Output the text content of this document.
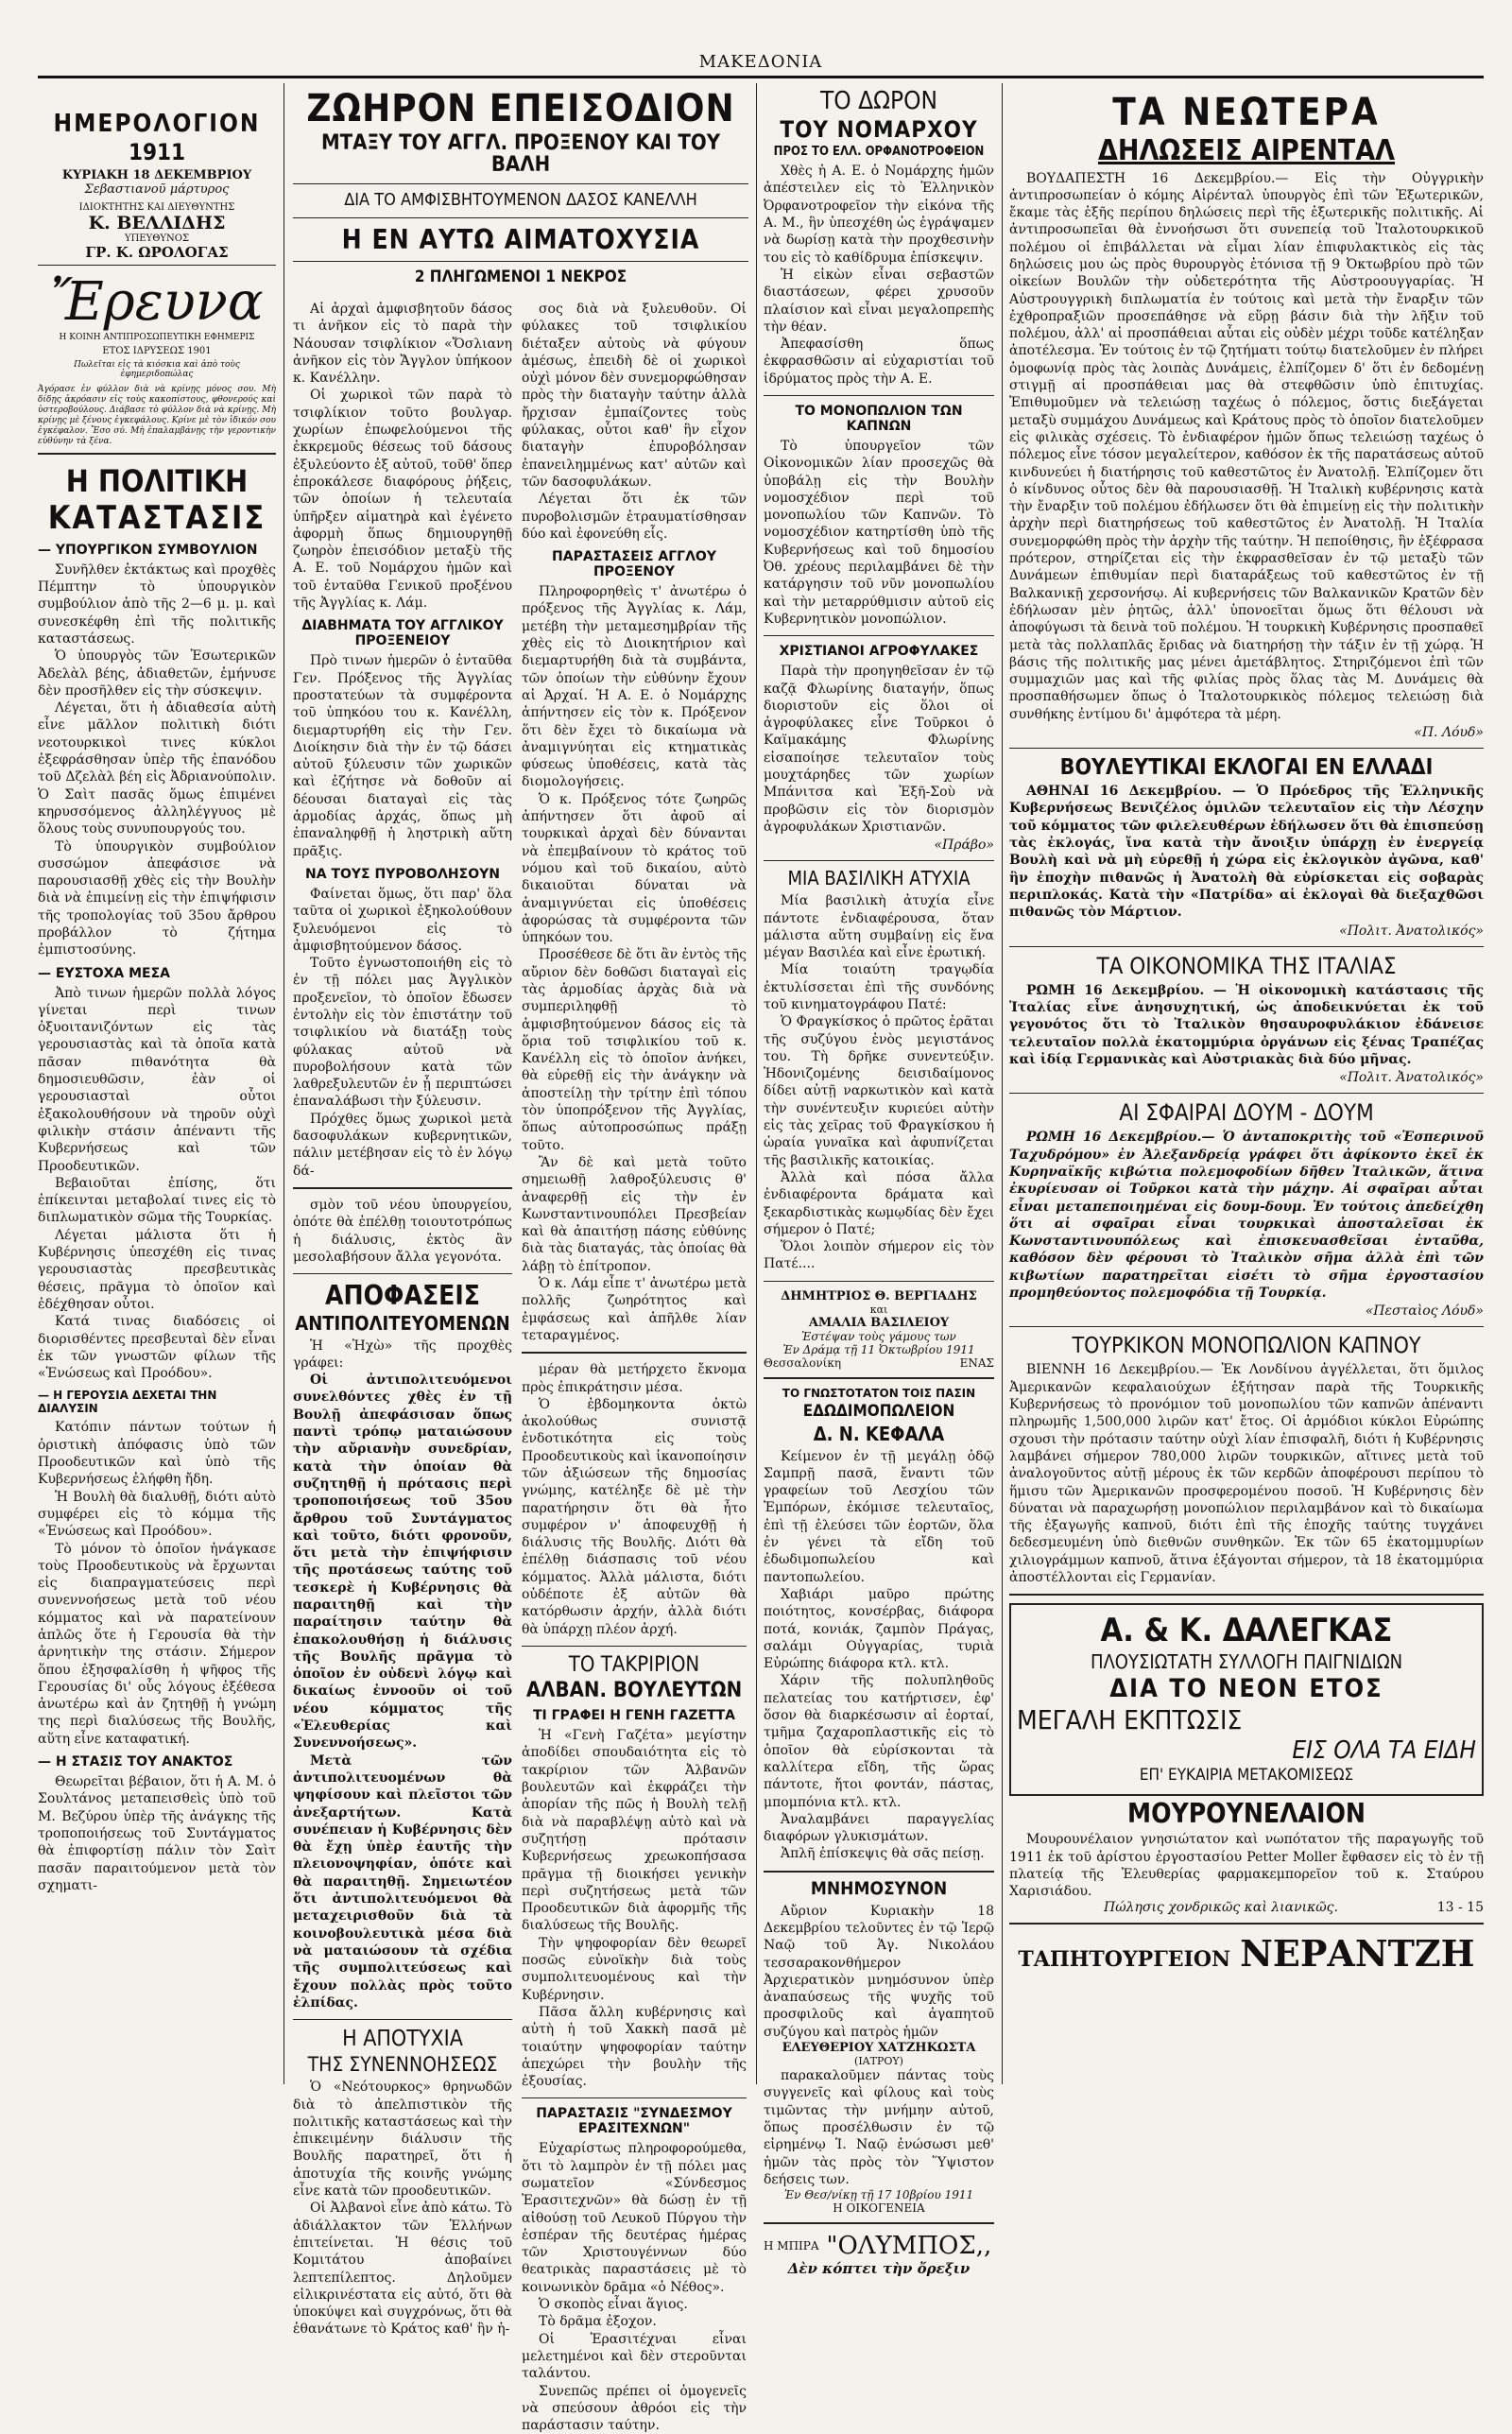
ΜΑΚΕΔΟΝΙΑ
ΗΜΕΡΟΛΟΓΙΟΝ
1911
ΚΥΡΙΑΚΗ 18 ΔΕΚΕΜΒΡΙΟΥ
Σεβαστιανοῦ μάρτυρος
ΙΔΙΟΚΤΗΤΗΣ ΚΑΙ ΔΙΕΥΘΥΝΤΗΣ
Κ. ΒΕΛΛΙΔΗΣ
ΥΠΕΥΘΥΝΟΣ
ΓΡ. Κ. ΩΡΟΛΟΓΑΣ
Ἔρευνα
Η ΚΟΙΝΗ ΑΝΤΙΠΡΟΣΩΠΕΥΤΙΚΗ ΕΦΗΜΕΡΙΣ
ΕΤΟΣ ΙΔΡΥΣΕΩΣ 1901
Πωλεῖται εἰς τὰ κιόσκια καὶ ἀπὸ τοὺς ἐφημεριδοπώλας
Ἀγόρασε ἐν φύλλον διὰ νὰ κρίνῃς μόνος σου. Μὴ δίδῃς ἀκρόασιν εἰς τοὺς κακοπίστους, φθονερούς καὶ ὑστεροβούλους. Διάβασε τὸ φύλλον διὰ νὰ κρίνῃς. Μὴ κρίνῃς μὲ ξένους ἐγκεφάλους. Κρίνε μὲ τὸν ἰδικόν σου ἐγκέφαλον. Ἔσο σύ. Μὴ ἐπαλαμβάνῃς τὴν γεροντικὴν εὐθύνην τὰ ξένα.
Η ΠΟΛΙΤΙΚΗ
ΚΑΤΑΣΤΑΣΙΣ
— ΥΠΟΥΡΓΙΚΟΝ ΣΥΜΒΟΥΛΙΟΝ

Συνῆλθεν ἐκτάκτως καὶ προχθὲς Πέμπτην τὸ ὑπουργικὸν συμβούλιον ἀπὸ τῆς 2—6 μ. μ. καὶ συνεσκέφθη ἐπὶ τῆς πολιτικῆς καταστάσεως.

Ὁ ὑπουργὸς τῶν Ἐσωτερικῶν Ἀδελὰλ βέης, ἀδιαθετῶν, ἐμήνυσε δὲν προσῆλθεν εἰς τὴν σύσκεψιν.

Λέγεται, ὅτι ἡ ἀδιαθεσία αὐτὴ εἶνε μᾶλλον πολιτικὴ διότι νεοτουρκικοὶ τινες κύκλοι ἐξεφράσθησαν ὑπὲρ τῆς ἐπανόδου τοῦ Δζελὰλ βέη εἰς Ἀδριανούπολιν. Ὁ Σαὶτ πασᾶς ὅμως ἐπιμένει κηρυσσόμενος ἀλληλέγγυος μὲ ὅλους τοὺς συνυπουργούς του.

Τὸ ὑπουργικὸν συμβούλιον συσσώμον ἀπεφάσισε νὰ παρουσιασθῇ χθὲς εἰς τὴν Βουλὴν διὰ νὰ ἐπιμείνῃ εἰς τὴν ἐπιψήφισιν τῆς τροπολογίας τοῦ 35ου ἄρθρου προβάλλον τὸ ζήτημα ἐμπιστοσύνης.

— ΕΥΣΤΟΧΑ ΜΕΣΑ

Ἀπὸ τινων ἡμερῶν πολλὰ λόγος γίνεται περὶ τινων ὀξυοιτανιζόντων εἰς τὰς γερουσιαστὰς καὶ τὰ ὁποῖα κατὰ πᾶσαν πιθανότητα θὰ δημοσιευθῶσιν, ἐὰν οἱ γερουσιασταὶ οὗτοι ἐξακολουθήσουν νὰ τηροῦν οὐχὶ φιλικὴν στάσιν ἀπέναντι τῆς Κυβερνήσεως καὶ τῶν Προοδευτικῶν.

Βεβαιοῦται ἐπίσης, ὅτι ἐπίκεινται μεταβολαί τινες εἰς τὸ διπλωματικὸν σῶμα τῆς Τουρκίας.

Λέγεται μάλιστα ὅτι ἡ Κυβέρνησις ὑπεσχέθη εἰς τινας γερουσιαστὰς πρεσβευτικὰς θέσεις, πρᾶγμα τὸ ὁποῖον καὶ ἐδέχθησαν οὗτοι.

Κατά τινας διαδόσεις οἱ διορισθέντες πρεσβευταὶ δὲν εἶναι ἐκ τῶν γνωστῶν φίλων τῆς «Ἑνώσεως καὶ Προόδου».

— Η ΓΕΡΟΥΣΙΑ ΔΕΧΕΤΑΙ ΤΗΝ ΔΙΑΛΥΣΙΝ

Κατόπιν πάντων τούτων ἡ ὁριστικὴ ἀπόφασις ὑπὸ τῶν Προοδευτικῶν καὶ ὑπὸ τῆς Κυβερνήσεως ἐλήφθη ἤδη.

Ἡ Βουλὴ θὰ διαλυθῇ, διότι αὐτὸ συμφέρει εἰς τὸ κόμμα τῆς «Ἑνώσεως καὶ Προόδου».

Τὸ μόνον τὸ ὁποῖον ἠνάγκασε τοὺς Προοδευτικοὺς νὰ ἔρχωνται εἰς διαπραγματεύσεις περὶ συνεννοήσεως μετὰ τοῦ νέου κόμματος καὶ νὰ παρατείνουν ἀπλῶς ὅτε ἡ Γερουσία θὰ τὴν ἀρνητικὴν της στάσιν. Σήμερον ὅπου ἐξησφαλίσθη ἡ ψῆφος τῆς Γερουσίας δι' οὗς λόγους ἐξέθεσα ἀνωτέρω καὶ ἀν ζητηθῇ ἡ γνώμη της περὶ διαλύσεως τῆς Βουλῆς, αὕτη εἶνε καταφατική.

— Η ΣΤΑΣΙΣ ΤΟΥ ΑΝΑΚΤΟΣ

Θεωρεῖται βέβαιον, ὅτι ἡ Α. Μ. ὁ Σουλτάνος μεταπεισθεὶς ὑπὸ τοῦ Μ. Βεζύρου ὑπὲρ τῆς ἀνάγκης τῆς τροποποιήσεως τοῦ Συντάγματος θὰ ἐπιφορτίσῃ πάλιν τὸν Σαὶτ πασᾶν παραιτούμενον μετὰ τὸν σχηματι-

ΖΩΗΡΟΝ ΕΠΕΙΣΟΔΙΟΝ
ΜΤΑΞΥ ΤΟΥ ΑΓΓΛ. ΠΡΟΞΕΝΟΥ ΚΑΙ ΤΟΥ ΒΑΛΗ
ΔΙΑ ΤΟ ΑΜΦΙΣΒΗΤΟΥΜΕΝΟΝ ΔΑΣΟΣ ΚΑΝΕΛΛΗ
Η ΕΝ ΑΥΤΩ ΑΙΜΑΤΟΧΥΣΙΑ
2 ΠΛΗΓΩΜΕΝΟΙ 1 ΝΕΚΡΟΣ

Αἱ ἀρχαὶ ἀμφισβητοῦν δάσος τι ἀνῆκον εἰς τὸ παρὰ τὴν Νάουσαν τσιφλίκιον «Ὄσλιανη ἀνῆκον εἰς τὸν Ἄγγλον ὑπήκοον κ. Κανέλλην.

Οἱ χωρικοὶ τῶν παρὰ τὸ τσιφλίκιον τοῦτο βουλγαρ. χωρίων ἐπωφελούμενοι τῆς ἐκκρεμοῦς θέσεως τοῦ δάσους ἐξυλεύοντο ἐξ αὐτοῦ, τοῦθ' ὅπερ ἐπροκάλεσε διαφόρους ῥήξεις, τῶν ὁποίων ἡ τελευταία ὑπῆρξεν αἱματηρὰ καὶ ἐγένετο ἀφορμὴ ὅπως δημιουργηθῇ ζωηρὸν ἐπεισόδιον μεταξὺ τῆς Α. Ε. τοῦ Νομάρχου ἡμῶν καὶ τοῦ ἐνταῦθα Γενικοῦ προξένου τῆς Ἀγγλίας κ. Λάμ.

ΔΙΑΒΗΜΑΤΑ ΤΟΥ ΑΓΓΛΙΚΟΥ ΠΡΟΞΕΝΕΙΟΥ

Πρὸ τινων ἡμερῶν ὁ ἐνταῦθα Γεν. Πρόξενος τῆς Ἀγγλίας προστατεύων τὰ συμφέροντα τοῦ ὑπηκόου του κ. Κανέλλη, διεμαρτυρήθη εἰς τὴν Γεν. Διοίκησιν διὰ τὴν ἐν τῷ δάσει αὐτοῦ ξύλευσιν τῶν χωρικῶν καὶ ἐζήτησε νὰ δοθοῦν αἱ δέουσαι διαταγαὶ εἰς τὰς ἁρμοδίας ἀρχάς, ὅπως μὴ ἐπαναληφθῇ ἡ ληστρικὴ αὕτη πρᾶξις.

ΝΑ ΤΟΥΣ ΠΥΡΟΒΟΛΗΣΟΥΝ

Φαίνεται ὅμως, ὅτι παρ' ὅλα ταῦτα οἱ χωρικοὶ ἐξηκολούθουν ξυλευόμενοι εἰς τὸ ἀμφισβητούμενον δάσος.

Τοῦτο ἐγνωστοποιήθη εἰς τὸ ἐν τῇ πόλει μας Ἀγγλικὸν προξενεῖον, τὸ ὁποῖον ἔδωσεν ἐντολὴν εἰς τὸν ἐπιστάτην τοῦ τσιφλικίου νὰ διατάξῃ τοὺς φύλακας αὐτοῦ νὰ πυροβολήσουν κατὰ τῶν λαθρεξυλευτῶν ἐν ᾗ περιπτώσει ἐπαναλάβωσι τὴν ξύλευσιν.

Πρόχθες ὅμως χωρικοὶ μετὰ δασοφυλάκων κυβερνητικῶν, πάλιν μετέβησαν εἰς τὸ ἐν λόγῳ δά-

σμὸν τοῦ νέου ὑπουργείου, ὁπότε θὰ ἐπέλθῃ τοιουτοτρόπως ἡ διάλυσις, ἐκτὸς ἂν μεσολαβήσουν ἄλλα γεγονότα.

ΑΠΟΦΑΣΕΙΣ
ΑΝΤΙΠΟΛΙΤΕΥΟΜΕΝΩΝ

Ἡ «Ἠχὼ» τῆς προχθὲς γράφει:

Οἱ ἀντιπολιτευόμενοι συνελθόντες χθὲς ἐν τῇ Βουλῇ ἀπεφάσισαν ὅπως παντὶ τρόπῳ ματαιώσουν τὴν αὔριανὴν συνεδρίαν, κατὰ τὴν ὁποίαν θὰ συζητηθῇ ἡ πρότασις περὶ τροποποιήσεως τοῦ 35ου ἄρθρου τοῦ Συντάγματος καὶ τοῦτο, διότι φρονοῦν, ὅτι μετὰ τὴν ἐπιψήφισιν τῆς προτάσεως ταύτης τοῦ τεσκερὲ ἡ Κυβέρνησις θὰ παραιτηθῇ καὶ τὴν παραίτησιν ταύτην θὰ ἐπακολουθήσῃ ἡ διάλυσις τῆς Βουλῆς πρᾶγμα τὸ ὁποῖον ἐν οὐδενὶ λόγῳ καὶ δικαίως ἐννοοῦν οἱ τοῦ νέου κόμματος τῆς «Ἐλευθερίας καὶ Συνεννοήσεως».

Μετὰ τῶν ἀντιπολιτευομένων θὰ ψηφίσουν καὶ πλεῖστοι τῶν ἀνεξαρτήτων. Κατὰ συνέπειαν ἡ Κυβέρνησις δὲν θὰ ἔχῃ ὑπὲρ ἑαυτῆς τὴν πλειονοψηφίαν, ὁπότε καὶ θὰ παραιτηθῇ. Σημειωτέον ὅτι ἀντιπολιτευόμενοι θὰ μεταχειρισθοῦν διὰ τὰ κοινοβουλευτικὰ μέσα διὰ νὰ ματαιώσουν τὰ σχέδια τῆς συμπολιτεύσεως καὶ ἔχουν πολλὰς πρὸς τοῦτο ἐλπίδας.

Η ΑΠΟΤΥΧΙΑ
ΤΗΣ ΣΥΝΕΝΝΟΗΣΕΩΣ

Ὁ «Νεότουρκος» θρηνωδῶν διὰ τὸ ἀπελπιστικὸν τῆς πολιτικῆς καταστάσεως καὶ τὴν ἐπικειμένην διάλυσιν τῆς Βουλῆς παρατηρεῖ, ὅτι ἡ ἀποτυχία τῆς κοινῆς γνώμης εἶνε κατὰ τῶν προοδευτικῶν.

Οἱ Ἀλβανοὶ εἶνε ἀπὸ κάτω. Τὸ ἀδιάλλακτον τῶν Ἑλλήνων ἐπιτείνεται. Ἡ θέσις τοῦ Κομιτάτου ἀποβαίνει λεπτεπίλεπτος. Δηλοῦμεν εἰλικρινέστατα εἰς αὐτό, ὅτι θὰ ὑποκύψει καὶ συγχρόνως, ὅτι θὰ ἐθανάτωνε τὸ Κράτος καθ' ἣν ἡ-

σος διὰ νὰ ξυλευθοῦν. Οἱ φύλακες τοῦ τσιφλικίου διέταξεν αὐτοὺς νὰ φύγουν ἀμέσως, ἐπειδὴ δὲ οἱ χωρικοὶ οὐχὶ μόνον δὲν συνεμορφώθησαν πρὸς τὴν διαταγὴν ταύτην ἀλλὰ ἤρχισαν ἐμπαίζοντες τοὺς φύλακας, οὗτοι καθ' ἣν εἶχον διαταγὴν ἐπυροβόλησαν ἐπανειλημμένως κατ' αὐτῶν καὶ τῶν δασοφυλάκων.

Λέγεται ὅτι ἐκ τῶν πυροβολισμῶν ἐτραυματίσθησαν δύο καὶ ἐφονεύθη εἷς.

ΠΑΡΑΣΤΑΣΕΙΣ ΑΓΓΛΟΥ ΠΡΟΞΕΝΟΥ

Πληροφορηθεὶς τ' ἀνωτέρω ὁ πρόξενος τῆς Ἀγγλίας κ. Λάμ, μετέβη τὴν μεταμεσημβρίαν τῆς χθὲς εἰς τὸ Διοικητήριον καὶ διεμαρτυρήθη διὰ τὰ συμβάντα, τῶν ὁποίων τὴν εὐθύνην ἔχουν αἱ Ἀρχαί. Ἡ Α. Ε. ὁ Νομάρχης ἀπήντησεν εἰς τὸν κ. Πρόξενον ὅτι δὲν ἔχει τὸ δικαίωμα νὰ ἀναμιγνύηται εἰς κτηματικὰς φύσεως ὑποθέσεις, κατὰ τὰς διομολογήσεις.

Ὁ κ. Πρόξενος τότε ζωηρῶς ἀπήντησεν ὅτι ἀφοῦ αἱ τουρκικαὶ ἀρχαὶ δὲν δύνανται νὰ ἐπεμβαίνουν τὸ κράτος τοῦ νόμου καὶ τοῦ δικαίου, αὐτὸ δικαιοῦται δύναται νὰ ἀναμιγνύεται εἰς ὑποθέσεις ἀφορώσας τὰ συμφέροντα τῶν ὑπηκόων του.

Προσέθεσε δὲ ὅτι ἂν ἐντὸς τῆς αὔριον δὲν δοθῶσι διαταγαὶ εἰς τὰς ἁρμοδίας ἀρχὰς διὰ νὰ συμπεριληφθῇ τὸ ἀμφισβητούμενον δάσος εἰς τὰ ὅρια τοῦ τσιφλικίου τοῦ κ. Κανέλλη εἰς τὸ ὁποῖον ἀνήκει, θὰ εὑρεθῇ εἰς τὴν ἀνάγκην νὰ ἀποστείλῃ τὴν τρίτην ἐπὶ τόπου τὸν ὑποπρόξενον τῆς Ἀγγλίας, ὅπως αὐτοπροσώπως πράξῃ τοῦτο.

Ἂν δὲ καὶ μετὰ τοῦτο σημειωθῇ λαθροξύλευσις θ' ἀναφερθῇ εἰς τὴν ἐν Κωνσταντινουπόλει Πρεσβείαν καὶ θὰ ἀπαιτήσῃ πάσης εὐθύνης διὰ τὰς διαταγάς, τὰς ὁποίας θὰ λάβῃ τὸ ἐπίτροπον.

Ὁ κ. Λάμ εἶπε τ' ἀνωτέρω μετὰ πολλῆς ζωηρότητος καὶ ἐμφάσεως καὶ ἀπῆλθε λίαν τεταραγμένος.

μέραν θὰ μετήρχετο ἔκνομα πρὸς ἐπικράτησιν μέσα.

Ὁ ἐβδομηκοντα ὀκτὼ ἀκολούθως συνιστᾷ ἐνδοτικότητα εἰς τοὺς Προοδευτικοὺς καὶ ἱκανοποίησιν τῶν ἀξιώσεων τῆς δημοσίας γνώμης, κατέληξε δὲ μὲ τὴν παρατήρησιν ὅτι θὰ ἦτο συμφέρον ν' ἀποφευχθῇ ἡ διάλυσις τῆς Βουλῆς. Διότι θὰ ἐπέλθῃ διάσπασις τοῦ νέου κόμματος. Ἀλλὰ μάλιστα, διότι οὐδέποτε ἐξ αὐτῶν θὰ κατόρθωσιν ἀρχήν, ἀλλὰ διότι θὰ ὑπάρχῃ πλέον ἀρχή.

ΤΟ ΤΑΚΡΙΡΙΟΝ
ΑΛΒΑΝ. ΒΟΥΛΕΥΤΩΝ
ΤΙ ΓΡΑΦΕΙ Η ΓΕΝΗ ΓΑΖΕΤΤΑ

Ἡ «Γενὴ Γαζέτα» μεγίστην ἀποδίδει σπουδαιότητα εἰς τὸ τακρίριον τῶν Ἀλβανῶν βουλευτῶν καὶ ἐκφράζει τὴν ἀπορίαν τῆς πῶς ἡ Βουλὴ τελῇ διὰ νὰ παραβλέψῃ αὐτὸ καὶ νὰ συζητήσῃ πρότασιν Κυβερνήσεως χρεωκοπήσασα πρᾶγμα τῇ διοικήσει γενικὴν περὶ συζητήσεως μετὰ τῶν Προοδευτικῶν διὰ ἀφορμῆς τῆς διαλύσεως τῆς Βουλῆς.

Τὴν ψηφοφορίαν δὲν θεωρεῖ ποσῶς εὐνοϊκὴν διὰ τοὺς συμπολιτευομένους καὶ τὴν Κυβέρνησιν.

Πᾶσα ἄλλη κυβέρνησις καὶ αὐτὴ ἡ τοῦ Χακκὴ πασᾶ μὲ τοιαύτην ψηφοφορίαν ταύτην ἀπεχώρει τὴν βουλὴν τῆς ἐξουσίας.

ΠΑΡΑΣΤΑΣΙΣ "ΣΥΝΔΕΣΜΟΥ ΕΡΑΣΙΤΕΧΝΩΝ"

Εὐχαρίστως πληροφορούμεθα, ὅτι τὸ λαμπρὸν ἐν τῇ πόλει μας σωματεῖον «Σύνδεσμος Ἐρασιτεχνῶν» θὰ δώσῃ ἐν τῇ αἰθούσῃ τοῦ Λευκοῦ Πύργου τὴν ἑσπέραν τῆς δευτέρας ἡμέρας τῶν Χριστουγέννων δύο θεατρικὰς παραστάσεις μὲ τὸ κοινωνικὸν δρᾶμα «ὁ Νέθος».

Ὁ σκοπὸς εἶναι ἅγιος.

Τὸ δρᾶμα ἐξοχον.

Οἱ Ἐρασιτέχναι εἶναι μελετημένοι καὶ δὲν στεροῦνται ταλάντου.

Συνεπῶς πρέπει οἱ ὁμογενεῖς νὰ σπεύσουν ἀθρόοι εἰς τὴν παράστασιν ταύτην.

ΤΟ ΔΩΡΟΝ
ΤΟΥ ΝΟΜΑΡΧΟΥ
ΠΡΟΣ ΤΟ ΕΛΛ. ΟΡΦΑΝΟΤΡΟΦΕΙΟΝ

Χθὲς ἡ Α. Ε. ὁ Νομάρχης ἡμῶν ἀπέστειλεν εἰς τὸ Ἑλληνικὸν Ὀρφανοτροφεῖον τὴν εἰκόνα τῆς Α. Μ., ἣν ὑπεσχέθη ὡς ἐγράψαμεν νὰ δωρίσῃ κατὰ τὴν προχθεσινὴν του εἰς τὸ καθίδρυμα ἐπίσκεψιν.

Ἡ εἰκὼν εἶναι σεβαστῶν διαστάσεων, φέρει χρυσοῦν πλαίσιον καὶ εἶναι μεγαλοπρεπὴς τὴν θέαν.

Ἀπεφασίσθη ὅπως ἐκφρασθῶσιν αἱ εὐχαριστίαι τοῦ ἱδρύματος πρὸς τὴν Α. Ε.

ΤΟ ΜΟΝΟΠΩΛΙΟΝ ΤΩΝ ΚΑΠΝΩΝ

Τὸ ὑπουργεῖον τῶν Οἰκονομικῶν λίαν προσεχῶς θὰ ὑποβάλῃ εἰς τὴν Βουλὴν νομοσχέδιον περὶ τοῦ μονοπωλίου τῶν Καπνῶν. Τὸ νομοσχέδιον κατηρτίσθη ὑπὸ τῆς Κυβερνήσεως καὶ τοῦ δημοσίου Ὀθ. χρέους περιλαμβάνει δὲ τὴν κατάργησιν τοῦ νῦν μονοπωλίου καὶ τὴν μεταρρύθμισιν αὐτοῦ εἰς Κυβερνητικὸν μονοπώλιον.

ΧΡΙΣΤΙΑΝΟΙ ΑΓΡΟΦΥΛΑΚΕΣ

Παρὰ τὴν προηγηθεῖσαν ἐν τῷ καζᾷ Φλωρίνης διαταγήν, ὅπως διοριστοῦν εἰς ὅλοι οἱ ἀγροφύλακες εἶνε Τοῦρκοι ὁ Καϊμακάμης Φλωρίνης εἰσαποίησε τελευταῖον τοὺς μουχτάρηδες τῶν χωρίων Μπάνιτσα καὶ Ἐξῆ-Σοὺ νὰ προβῶσιν εἰς τὸν διορισμὸν ἀγροφυλάκων Χριστιανῶν.

«Πράβο»
ΜΙΑ ΒΑΣΙΛΙΚΗ ΑΤΥΧΙΑ

Μία βασιλικὴ ἀτυχία εἶνε πάντοτε ἐνδιαφέρουσα, ὅταν μάλιστα αὕτη συμβαίνῃ εἰς ἕνα μέγαν Βασιλέα καὶ εἶνε ἐρωτική.

Μία τοιαύτη τραγῳδία ἐκτυλίσσεται ἐπὶ τῆς συνδόνης τοῦ κινηματογράφου Πατέ:

Ὁ Φραγκίσκος ὁ πρῶτος ἐρᾶται τῆς συζύγου ἑνὸς μεγιστάνος του. Τὴ δρῆκε συνεντεύξιν. Ἡδονιζομένης δεισιδαίμονος δίδει αὐτῇ ναρκωτικὸν καὶ κατὰ τὴν συνέντευξιν κυριεύει αὐτὴν εἰς τὰς χεῖρας τοῦ Φραγκίσκου ἡ ὡραία γυναῖκα καὶ ἀφυπνίζεται τῆς βασιλικῆς κατοικίας.

Ἀλλὰ καὶ πόσα ἄλλα ἐνδιαφέροντα δράματα καὶ ξεκαρδιστικὰς κωμῳδίας δὲν ἔχει σήμερον ὁ Πατέ;

Ὅλοι λοιπὸν σήμερον εἰς τὸν Πατέ....

ΔΗΜΗΤΡΙΟΣ Θ. ΒΕΡΓΙΑΔΗΣ
και
ΑΜΑΛΙΑ ΒΑΣΙΛΕΙΟΥ
Ἐστέψαν τοὺς γάμους των
Ἐν Δράμᾳ τῇ 11 Ὀκτωβρίου 1911
Θεσσαλονίκη	ΕΝΑΣ
ΤΟ ΓΝΩΣΤΟΤΑΤΟΝ ΤΟΙΣ ΠΑΣΙΝ
ΕΔΩΔΙΜΟΠΩΛΕΙΟΝ
Δ. Ν. ΚΕΦΑΛΑ

Κείμενον ἐν τῇ μεγάλῃ ὁδῷ Σαμπρῇ πασᾶ, ἔναντι τῶν γραφείων τοῦ Λεσχίου τῶν Ἐμπόρων, ἐκόμισε τελευταῖος, ἐπὶ τῇ ἐλεύσει τῶν ἑορτῶν, ὅλα ἐν γένει τὰ εἴδη τοῦ ἐδωδιμοπωλείου καὶ παντοπωλείου.

Χαβιάρι μαῦρο πρώτης ποιότητος, κονσέρβας, διάφορα ποτά, κονιάκ, ζαμπὸν Πράγας, σαλάμι Οὐγγαρίας, τυριὰ Εὐρώπης διάφορα κτλ. κτλ.

Χάριν τῆς πολυπληθοῦς πελατείας του κατήρτισεν, ἐφ' ὅσον θὰ διαρκέσωσιν αἱ ἑορταί, τμῆμα ζαχαροπλαστικῆς εἰς τὸ ὁποῖον θὰ εὑρίσκονται τὰ καλλίτερα εἴδη, τῆς ὥρας πάντοτε, ἤτοι φοντάν, πάστας, μπομπόνια κτλ. κτλ.

Ἀναλαμβάνει παραγγελίας διαφόρων γλυκισμάτων.

Ἁπλῆ ἐπίσκεψις θὰ σᾶς πείσῃ.

ΜΝΗΜΟΣΥΝΟΝ

Αὔριον Κυριακὴν 18 Δεκεμβρίου τελοῦντες ἐν τῷ Ἱερῷ Ναῷ τοῦ Ἁγ. Νικολάου τεσσαρακονθήμερον Ἀρχιερατικὸν μνημόσυνον ὑπὲρ ἀναπαύσεως τῆς ψυχῆς τοῦ προσφιλοῦς καὶ ἀγαπητοῦ συζύγου καὶ πατρὸς ἡμῶν

ΕΛΕΥΘΕΡΙΟΥ ΧΑΤΖΗΚΩΣΤΑ
(ΙΑΤΡΟΥ)

παρακαλοῦμεν πάντας τοὺς συγγενεῖς καὶ φίλους καὶ τοὺς τιμῶντας τὴν μνήμην αὐτοῦ, ὅπως προσέλθωσιν ἐν τῷ εἰρημένῳ Ἱ. Ναῷ ἐνώσωσι μεθ' ἡμῶν τὰς πρὸς τὸν Ὕψιστον δεήσεις των.

Ἐν Θεσ/νίκῃ τῇ 17 10βρίου 1911
Η ΟΙΚΟΓΕΝΕΙΑ
Η ΜΠΙΡΑ "ΟΛΥΜΠΟΣ,,
Δὲν κόπτει τὴν ὄρεξιν
ΤΑ ΝΕΩΤΕΡΑ
ΔΗΛΩΣΕΙΣ ΑΙΡΕΝΤΑΛ

ΒΟΥΔΑΠΕΣΤΗ 16 Δεκεμβρίου.— Εἰς τὴν Οὐγγρικὴν ἀντιπροσωπείαν ὁ κόμης Αἰρένταλ ὑπουργὸς ἐπὶ τῶν Ἐξωτερικῶν, ἔκαμε τὰς ἑξῆς περίπου δηλώσεις περὶ τῆς ἐξωτερικῆς πολιτικῆς. Αἱ ἀντιπροσωπεῖαι θὰ ἐννοήσωσι ὅτι συνεπείᾳ τοῦ Ἰταλοτουρκικοῦ πολέμου οἱ ἐπιβάλλεται νὰ εἶμαι λίαν ἐπιφυλακτικὸς εἰς τὰς δηλώσεις μου ὡς πρὸς θυρουργὸς ἐτόνισα τῇ 9 Ὀκτωβρίου πρὸ τῶν οἰκείων Βουλῶν τὴν οὐδετερότητα τῆς Αὐστροουγγαρίας. Ἡ Αὐστρουγγρικὴ διπλωματία ἐν τούτοις καὶ μετὰ τὴν ἔναρξιν τῶν ἐχθροπραξιῶν προσεπάθησε νὰ εὕρῃ βάσιν διὰ τὴν λῆξιν τοῦ πολέμου, ἀλλ' αἱ προσπάθειαι αὗται εἰς οὐδὲν μέχρι τοῦδε κατέληξαν ἀποτέλεσμα. Ἐν τούτοις ἐν τῷ ζητήματι τούτῳ διατελοῦμεν ἐν πλήρει ὁμοφωνίᾳ πρὸς τὰς λοιπὰς Δυνάμεις, ἐλπίζομεν δ' ὅτι ἐν δεδομένῃ στιγμῇ αἱ προσπάθειαι μας θὰ στεφθῶσιν ὑπὸ ἐπιτυχίας. Ἐπιθυμοῦμεν νὰ τελειώσῃ ταχέως ὁ πόλεμος, ὅστις διεξάγεται μεταξὺ συμμάχου Δυνάμεως καὶ Κράτους πρὸς τὸ ὁποῖον διατελοῦμεν εἰς φιλικὰς σχέσεις. Τὸ ἐνδιαφέρον ἡμῶν ὅπως τελειώσῃ ταχέως ὁ πόλεμος εἶνε τόσον μεγαλείτερον, καθόσον ἐκ τῆς παρατάσεως αὐτοῦ κινδυνεύει ἡ διατήρησις τοῦ καθεστῶτος ἐν Ἀνατολῇ. Ἐλπίζομεν ὅτι ὁ κίνδυνος οὗτος δὲν θὰ παρουσιασθῇ. Ἡ Ἰταλικὴ κυβέρνησις κατὰ τὴν ἔναρξιν τοῦ πολέμου ἐδήλωσεν ὅτι θὰ ἐπιμείνῃ εἰς τὴν πολιτικὴν ἀρχὴν περὶ διατηρήσεως τοῦ καθεστῶτος ἐν Ἀνατολῇ. Ἡ Ἰταλία συνεμορφώθη πρὸς τὴν ἀρχὴν τῆς ταύτην. Ἡ πεποίθησις, ἣν ἐξέφρασα πρότερον, στηρίζεται εἰς τὴν ἐκφρασθεῖσαν ἐν τῷ μεταξὺ τῶν Δυνάμεων ἐπιθυμίαν περὶ διαταράξεως τοῦ καθεστῶτος ἐν τῇ Βαλκανικῇ χερσονήσῳ. Αἱ κυβερνήσεις τῶν Βαλκανικῶν Κρατῶν δὲν ἐδήλωσαν μὲν ῥητῶς, ἀλλ' ὑπονοεῖται ὅμως ὅτι θέλουσι νὰ ἀποφύγωσι τὰ δεινὰ τοῦ πολέμου. Ἡ τουρκικὴ Κυβέρνησις προσπαθεῖ μετὰ τὰς πολλαπλᾶς ἔριδας νὰ διατηρήσῃ τὴν τάξιν ἐν τῇ χώρᾳ. Ἡ βάσις τῆς πολιτικῆς μας μένει ἀμετάβλητος. Στηριζόμενοι ἐπὶ τῶν συμμαχιῶν μας καὶ τῆς φιλίας πρὸς ὅλας τὰς Μ. Δυνάμεις θὰ προσπαθήσωμεν ὅπως ὁ Ἰταλοτουρκικὸς πόλεμος τελειώσῃ διὰ συνθήκης ἐντίμου δι' ἀμφότερα τὰ μέρη.

«Π. Λόυδ»
ΒΟΥΛΕΥΤΙΚΑΙ ΕΚΛΟΓΑΙ ΕΝ ΕΛΛΑΔΙ

ΑΘΗΝΑΙ 16 Δεκεμβρίου. — Ὁ Πρόεδρος τῆς Ἑλληνικῆς Κυβερνήσεως Βενιζέλος ὁμιλῶν τελευταῖον εἰς τὴν Λέσχην τοῦ κόμματος τῶν φιλελευθέρων ἐδήλωσεν ὅτι θὰ ἐπισπεύσῃ τὰς ἐκλογάς, ἵνα κατὰ τὴν ἄνοιξιν ὑπάρχῃ ἐν ἐνεργείᾳ Βουλὴ καὶ νὰ μὴ εὑρεθῇ ἡ χώρα εἰς ἐκλογικὸν ἀγῶνα, καθ' ἣν ἐποχὴν πιθανῶς ἡ Ἀνατολὴ θὰ εὑρίσκεται εἰς σοβαρὰς περιπλοκάς. Κατὰ τὴν «Πατρίδα» αἱ ἐκλογαὶ θὰ διεξαχθῶσι πιθανῶς τὸν Μάρτιον.

«Πολιτ. Ἀνατολικός»
ΤΑ ΟΙΚΟΝΟΜΙΚΑ ΤΗΣ ΙΤΑΛΙΑΣ

ΡΩΜΗ 16 Δεκεμβρίου. — Ἡ οἰκονομικὴ κατάστασις τῆς Ἰταλίας εἶνε ἀνησυχητική, ὡς ἀποδεικνύεται ἐκ τοῦ γεγονότος ὅτι τὸ Ἰταλικὸν θησαυροφυλάκιον ἐδάνεισε τελευταῖον πολλὰ ἑκατομμύρια ὀργάνων εἰς ξένας Τραπέζας καὶ ἰδίᾳ Γερμανικὰς καὶ Αὐστριακὰς διὰ δύο μῆνας.

«Πολιτ. Ἀνατολικός»
ΑΙ ΣΦΑΙΡΑΙ ΔΟΥΜ - ΔΟΥΜ

ΡΩΜΗ 16 Δεκεμβρίου.— Ὁ ἀνταποκριτὴς τοῦ «Ἑσπερινοῦ Ταχυδρόμου» ἐν Ἀλεξανδρείᾳ γράφει ὅτι ἀφίκοντο ἐκεῖ ἐκ Κυρηναϊκῆς κιβώτια πολεμοφοδίων δῆθεν Ἰταλικῶν, ἅτινα ἐκυρίευσαν οἱ Τοῦρκοι κατὰ τὴν μάχην. Αἱ σφαῖραι αὗται εἶναι μεταπεποιημέναι εἰς δουμ-δουμ. Ἐν τούτοις ἀπεδείχθη ὅτι αἱ σφαῖραι εἶναι τουρκικαὶ ἀποσταλεῖσαι ἐκ Κωνσταντινουπόλεως καὶ ἐπισκευασθεῖσαι ἐνταῦθα, καθόσον δὲν φέρουσι τὸ Ἰταλικὸν σῆμα ἀλλὰ ἐπὶ τῶν κιβωτίων παρατηρεῖται εἰσέτι τὸ σῆμα ἐργοστασίου προμηθεύοντος πολεμοφόδια τῇ Τουρκίᾳ.

«Πεσταὶος Λόυδ»
ΤΟΥΡΚΙΚΟΝ ΜΟΝΟΠΩΛΙΟΝ ΚΑΠΝΟΥ

ΒΙΕΝΝΗ 16 Δεκεμβρίου.— Ἐκ Λονδίνου ἀγγέλλεται, ὅτι ὅμιλος Ἀμερικανῶν κεφαλαιούχων ἐξήτησαν παρὰ τῆς Τουρκικῆς Κυβερνήσεως τὸ προνόμιον τοῦ μονοπωλίου τῶν καπνῶν ἀπέναντι πληρωμῆς 1,500,000 λιρῶν κατ' ἔτος. Οἱ ἁρμόδιοι κύκλοι Εὐρώπης σχουσι τὴν πρότασιν ταύτην οὐχὶ λίαν ἐπισφαλῆ, διότι ἡ Κυβέρνησις λαμβάνει σήμερον 780,000 λιρῶν τουρκικῶν, αἵτινες μετὰ τοῦ ἀναλογοῦντος αὐτῇ μέρους ἐκ τῶν κερδῶν ἀποφέρουσι περίπου τὸ ἥμισυ τῶν Ἀμερικανῶν προσφερομένου ποσοῦ. Ἡ Κυβέρνησις δὲν δύναται νὰ παραχωρήσῃ μονοπώλιον περιλαμβάνον καὶ τὸ δικαίωμα τῆς ἐξαγωγῆς καπνοῦ, διότι ἐπὶ τῆς ἐποχῆς ταύτης τυγχάνει δεδεσμευμένη ὑπὸ διεθνῶν συνθηκῶν. Ἐκ τῶν 65 ἑκατομμυρίων χιλιογράμμων καπνοῦ, ἅτινα ἐξάγονται σήμερον, τὰ 18 ἑκατομμύρια ἀποστέλλονται εἰς Γερμανίαν.

Α. & Κ. ΔΑΛΕΓΚΑΣ
ΠΛΟΥΣΙΩΤΑΤΗ ΣΥΛΛΟΓΗ ΠΑΙΓΝΙΔΙΩΝ
ΔΙΑ ΤΟ ΝΕΟΝ ΕΤΟΣ
ΜΕΓΑΛΗ ΕΚΠΤΩΣΙΣ
ΕΙΣ ΟΛΑ ΤΑ ΕΙΔΗ
ΕΠ' ΕΥΚΑΙΡΙΑ ΜΕΤΑΚΟΜΙΣΕΩΣ
ΜΟΥΡΟΥΝΕΛΑΙΟΝ

Μουρουνέλαιον γνησιώτατον καὶ νωπότατον τῆς παραγωγῆς τοῦ 1911 ἐκ τοῦ ἀρίστου ἐργοστασίου Petter Moller ἔφθασεν εἰς τὸ ἐν τῇ πλατείᾳ τῆς Ἐλευθερίας φαρμακεμπορεῖον τοῦ κ. Σταύρου Χαρισιάδου.

Πώλησις χονδρικῶς καὶ λιανικῶς.	13 - 15
ΤΑΠΗΤΟΥΡΓΕΙΟΝ ΝΕΡΑΝΤΖΗ
